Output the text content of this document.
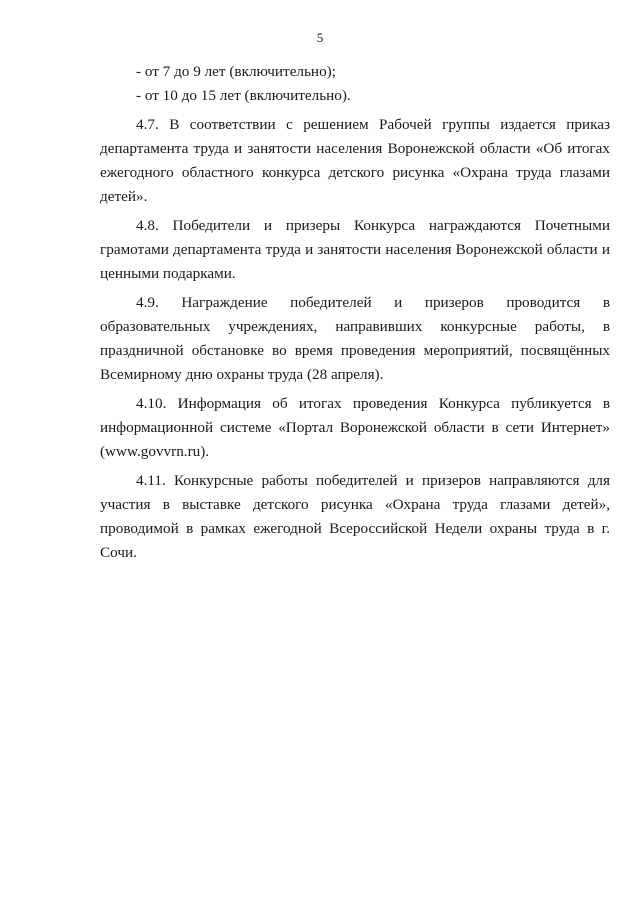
5

- от 7 до 9 лет (включительно);

- от 10 до 15 лет (включительно).

4.7. В соответствии с решением Рабочей группы издается приказ департамента труда и занятости населения Воронежской области «Об итогах ежегодного областного конкурса детского рисунка «Охрана труда глазами детей».

4.8. Победители и призеры Конкурса награждаются Почетными грамотами департамента труда и занятости населения Воронежской области и ценными подарками.

4.9. Награждение победителей и призеров проводится в образовательных учреждениях, направивших конкурсные работы, в праздничной обстановке во время проведения мероприятий, посвящённых Всемирному дню охраны труда (28 апреля).

4.10. Информация об итогах проведения Конкурса публикуется в информационной системе «Портал Воронежской области в сети Интернет» (www.govvrn.ru).

4.11. Конкурсные работы победителей и призеров направляются для участия в выставке детского рисунка «Охрана труда глазами детей», проводимой в рамках ежегодной Всероссийской Недели охраны труда в г. Сочи.
